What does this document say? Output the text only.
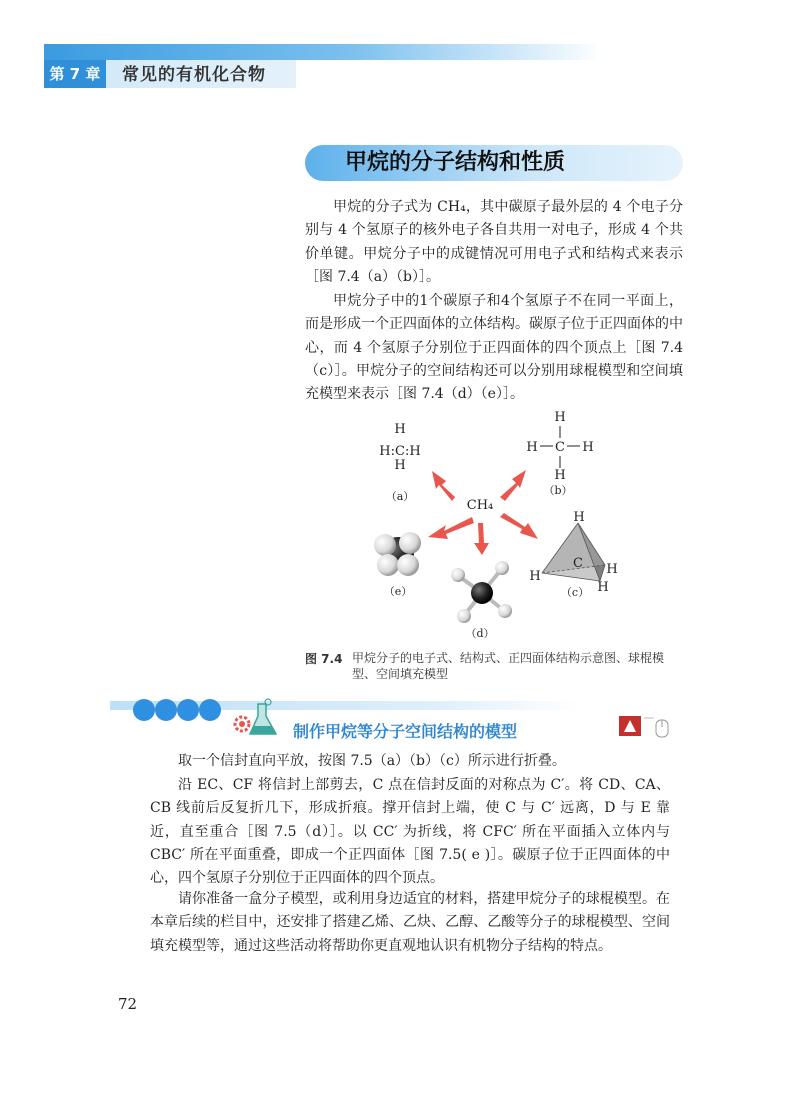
第 7 章	常见的有机化合物
甲烷的分子结构和性质

甲烷的分子式为 CH₄，其中碳原子最外层的 4 个电子分别与 4 个氢原子的核外电子各自共用一对电子，形成 4 个共价单键。甲烷分子中的成键情况可用电子式和结构式来表示［图 7.4（a）（b）］。

甲烷分子中的1个碳原子和4个氢原子不在同一平面上，而是形成一个正四面体的立体结构。碳原子位于正四面体的中心，而 4 个氢原子分别位于正四面体的四个顶点上［图 7.4（c）］。甲烷分子的空间结构还可以分别用球棍模型和空间填充模型来表示［图 7.4（d）（e）］。

H
H:C:H
H
（a）
H
C
H	H
H
（b）
CH₄
（e）
（d）
H
H	H
H
C
（c）
图 7.4 甲烷分子的电子式、结构式、正四面体结构示意图、球棍模型、空间填充模型
制作甲烷等分子空间结构的模型

取一个信封直向平放，按图 7.5（a）（b）（c）所示进行折叠。

沿 EC、CF 将信封上部剪去，C 点在信封反面的对称点为 C′。将 CD、CA、CB 线前后反复折几下，形成折痕。撑开信封上端，使 C 与 C′ 远离，D 与 E 靠近，直至重合［图 7.5（d）］。以 CC′ 为折线，将 CFC′ 所在平面插入立体内与 CBC′ 所在平面重叠，即成一个正四面体［图 7.5( e )］。碳原子位于正四面体的中心，四个氢原子分别位于正四面体的四个顶点。

请你准备一盒分子模型，或利用身边适宜的材料，搭建甲烷分子的球棍模型。在本章后续的栏目中，还安排了搭建乙烯、乙炔、乙醇、乙酸等分子的球棍模型、空间填充模型等，通过这些活动将帮助你更直观地认识有机物分子结构的特点。

72
